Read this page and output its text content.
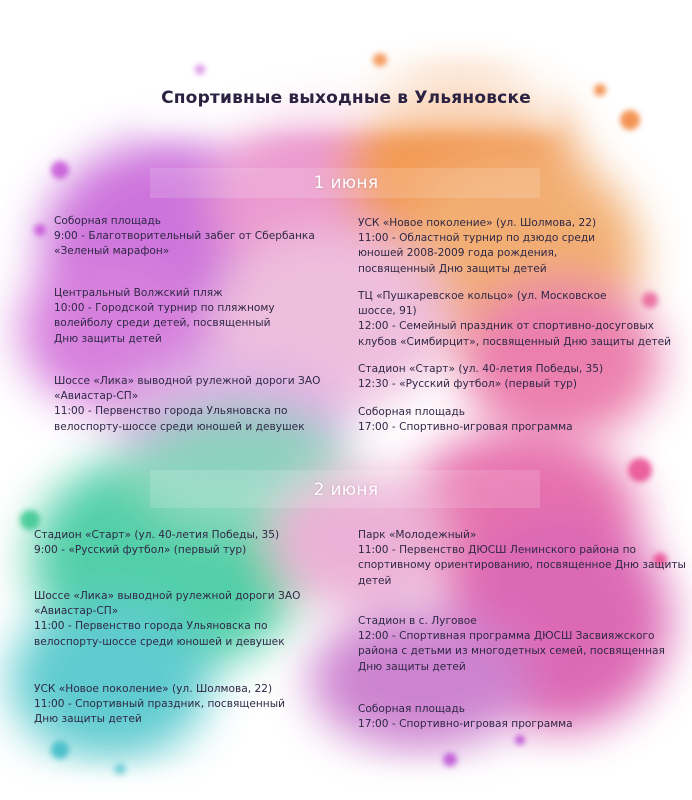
Спортивные выходные в Ульяновске
1 июня
2 июня
Соборная площадь
9:00 - Благотворительный забег от Сбербанка
«Зеленый марафон»
Центральный Волжский пляж
10:00 - Городской турнир по пляжному
волейболу среди детей, посвященный
Дню защиты детей
Шоссе «Лика» выводной рулежной дороги ЗАО
«Авиастар-СП»
11:00 - Первенство города Ульяновска по
велоспорту-шоссе среди юношей и девушек
УСК «Новое поколение» (ул. Шолмова, 22)
11:00 - Областной турнир по дзюдо среди
юношей 2008-2009 года рождения,
посвященный Дню защиты детей
ТЦ «Пушкаревское кольцо» (ул. Московское
шоссе, 91)
12:00 - Семейный праздник от спортивно-досуговых
клубов «Симбирцит», посвященный Дню защиты детей
Стадион «Старт» (ул. 40-летия Победы, 35)
12:30 - «Русский футбол» (первый тур)
Соборная площадь
17:00 - Спортивно-игровая программа
Стадион «Старт» (ул. 40-летия Победы, 35)
9:00 - «Русский футбол» (первый тур)
Шоссе «Лика» выводной рулежной дороги ЗАО
«Авиастар-СП»
11:00 - Первенство города Ульяновска по
велоспорту-шоссе среди юношей и девушек
УСК «Новое поколение» (ул. Шолмова, 22)
11:00 - Спортивный праздник, посвященный
Дню защиты детей
Парк «Молодежный»
11:00 - Первенство ДЮСШ Ленинского района по
спортивному ориентированию, посвященное Дню защиты
детей
Стадион в с. Луговое
12:00 - Спортивная программа ДЮСШ Засвияжского
района с детьми из многодетных семей, посвященная
Дню защиты детей
Соборная площадь
17:00 - Спортивно-игровая программа
